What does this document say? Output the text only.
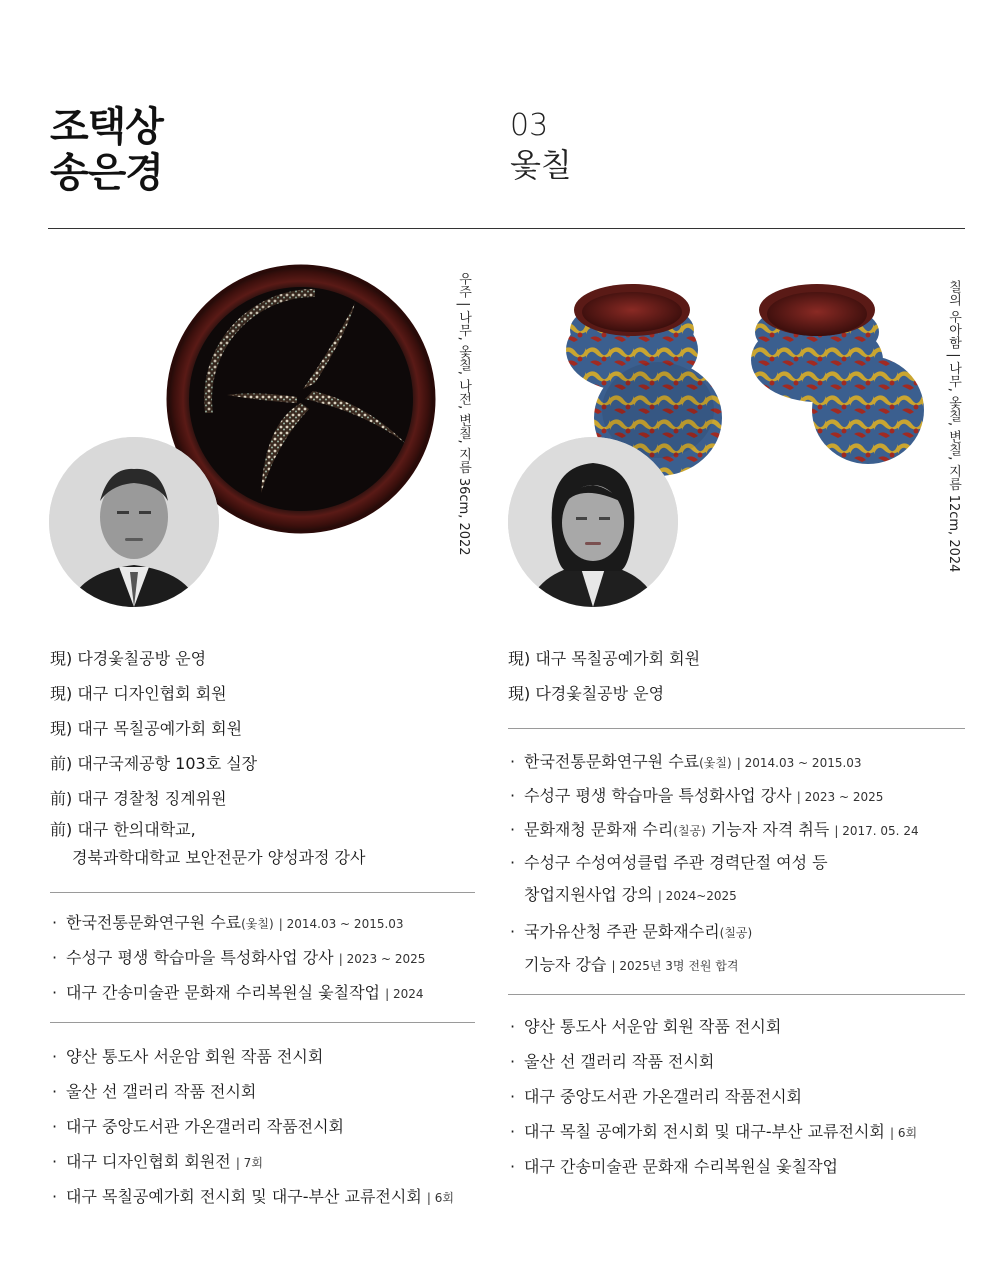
조택상
송은경
03
옻칠
우주 | 나무, 옻칠, 나전, 변칠, 지름 36cm, 2022	칠의 우아함 | 나무, 옻칠, 변칠, 지름 12cm, 2024
現) 다경옻칠공방 운영
現) 대구 디자인협회 회원
現) 대구 목칠공예가회 회원
前) 대구국제공항 103호 실장
前) 대구 경찰청 징계위원
前) 대구 한의대학교,
경북과학대학교 보안전문가 양성과정 강사
· 한국전통문화연구원 수료(옻칠) | 2014.03 ~ 2015.03
· 수성구 평생 학습마을 특성화사업 강사 | 2023 ~ 2025
· 대구 간송미술관 문화재 수리복원실 옻칠작업 | 2024
· 양산 통도사 서운암 회원 작품 전시회
· 울산 선 갤러리 작품 전시회
· 대구 중앙도서관 가온갤러리 작품전시회
· 대구 디자인협회 회원전 | 7회
· 대구 목칠공예가회 전시회 및 대구-부산 교류전시회 | 6회
現) 대구 목칠공예가회 회원
現) 다경옻칠공방 운영
· 한국전통문화연구원 수료(옻칠) | 2014.03 ~ 2015.03
· 수성구 평생 학습마을 특성화사업 강사 | 2023 ~ 2025
· 문화재청 문화재 수리(칠공) 기능자 자격 취득 | 2017. 05. 24
· 수성구 수성여성클럽 주관 경력단절 여성 등
창업지원사업 강의 | 2024~2025
· 국가유산청 주관 문화재수리(칠공)
기능자 강습 | 2025년 3명 전원 합격
· 양산 통도사 서운암 회원 작품 전시회
· 울산 선 갤러리 작품 전시회
· 대구 중앙도서관 가온갤러리 작품전시회
· 대구 목칠 공예가회 전시회 및 대구-부산 교류전시회 | 6회
· 대구 간송미술관 문화재 수리복원실 옻칠작업
